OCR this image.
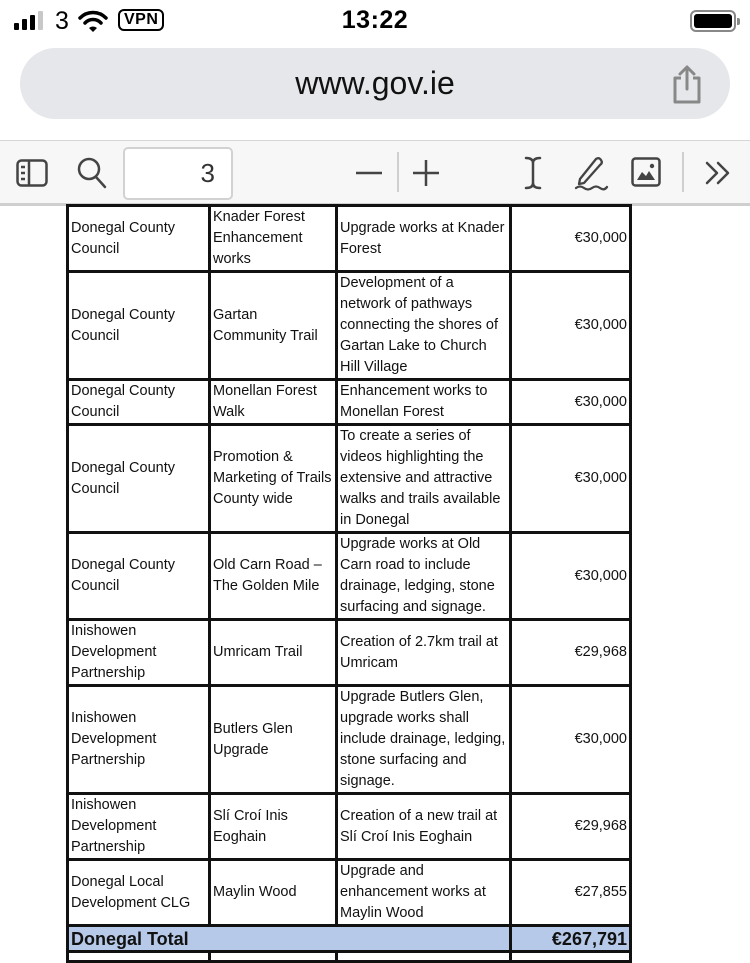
3	VPN	13:22
www.gov.ie
3
Donegal County Council	Knader Forest Enhancement works	Upgrade works at Knader Forest	€30,000
Donegal County Council	Gartan Community Trail	Development of a network of pathways connecting the shores of Gartan Lake to Church Hill Village	€30,000
Donegal County Council	Monellan Forest Walk	Enhancement works to Monellan Forest	€30,000
Donegal County Council	Promotion & Marketing of Trails County wide	To create a series of videos highlighting the extensive and attractive walks and trails available in Donegal	€30,000
Donegal County Council	Old Carn Road – The Golden Mile	Upgrade works at Old Carn road to include drainage, ledging, stone surfacing and signage.	€30,000
Inishowen Development Partnership	Umricam Trail	Creation of 2.7km trail at Umricam	€29,968
Inishowen Development Partnership	Butlers Glen Upgrade	Upgrade Butlers Glen, upgrade works shall include drainage, ledging, stone surfacing and signage.	€30,000
Inishowen Development Partnership	Slí Croí Inis Eoghain	Creation of a new trail at Slí Croí Inis Eoghain	€29,968
Donegal Local Development CLG	Maylin Wood	Upgrade and enhancement works at Maylin Wood	€27,855
Donegal Total			€267,791
